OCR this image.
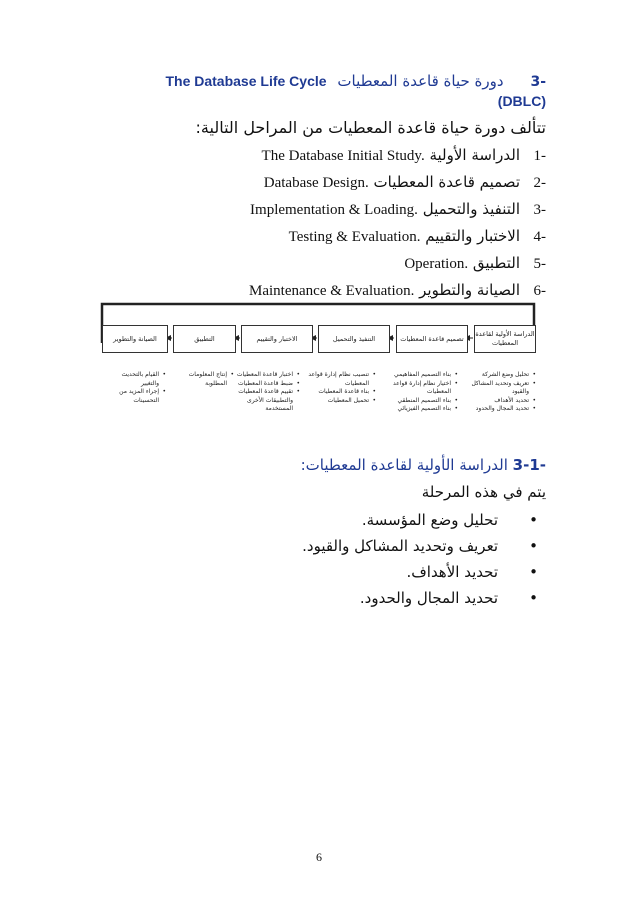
-3 دورة حياة قاعدة المعطيات The Database Life Cycle
(DBLC)
تتألف دورة حياة قاعدة المعطيات من المراحل التالية:
-1الدراسة الأولية The Database Initial Study.
-2تصميم قاعدة المعطيات Database Design.
-3التنفيذ والتحميل Implementation & Loading.
-4الاختبار والتقييم Testing & Evaluation.
-5التطبيق Operation.
-6الصيانة والتطوير Maintenance & Evaluation.
الدراسة الأولية لقاعدة المعطيات
تصميم قاعدة المعطيات
التنفيذ والتحميل
الاختبار والتقييم
التطبيق
الصيانة والتطوير
• تحليل وضع الشركة
• تعريف وتحديد المشاكل والقيود
• تحديد الأهداف
• تحديد المجال والحدود
• بناء التصميم المفاهيمي
• اختيار نظام إدارة قواعد المعطيات
• بناء التصميم المنطقي
• بناء التصميم الفيزيائي
• تنصيب نظام إدارة قواعد المعطيات
• بناء قاعدة المعطيات
• تحميل المعطيات
• اختبار قاعدة المعطيات
• ضبط قاعدة المعطيات
• تقييم قاعدة المعطيات والتطبيقات الأخرى المستخدمة
• إنتاج المعلومات المطلوبة
• القيام بالتحديث والتغيير
• إجراء المزيد من التحسينات
-3-1 الدراسة الأولية لقاعدة المعطيات:
يتم في هذه المرحلة
•تحليل وضع المؤسسة.
•تعريف وتحديد المشاكل والقيود.
•تحديد الأهداف.
•تحديد المجال والحدود.
6
